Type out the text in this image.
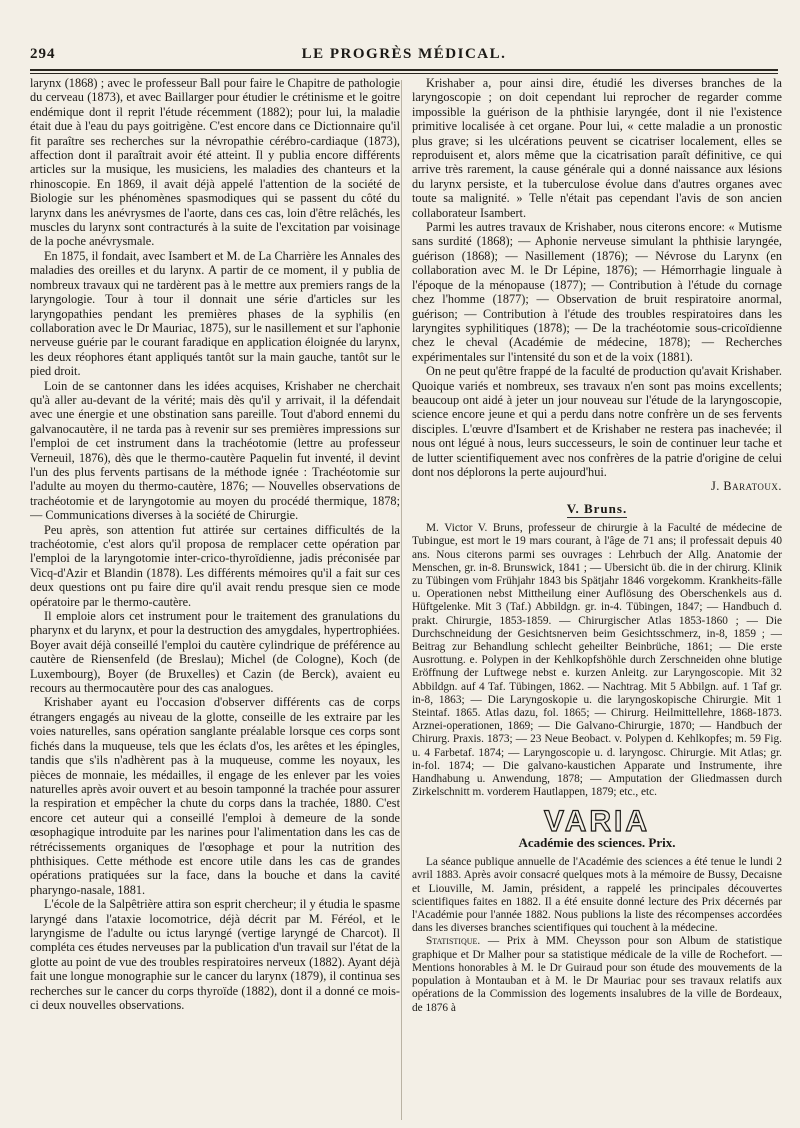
294	LE PROGRÈS MÉDICAL.

larynx (1868) ; avec le professeur Ball pour faire le Chapitre de pathologie du cerveau (1873), et avec Baillarger pour étudier le crétinisme et le goitre endémique dont il reprit l'étude récemment (1882); pour lui, la maladie était due à l'eau du pays goitrigène. C'est encore dans ce Dictionnaire qu'il fit paraître ses recherches sur la névropathie cérébro-cardiaque (1873), affection dont il paraîtrait avoir été atteint. Il y publia encore différents articles sur la musique, les musiciens, les maladies des chanteurs et la rhinoscopie. En 1869, il avait déjà appelé l'attention de la société de Biologie sur les phénomènes spasmodiques qui se passent du côté du larynx dans les anévrysmes de l'aorte, dans ces cas, loin d'être relâchés, les muscles du larynx sont contracturés à la suite de l'excitation par voisinage de la poche anévrysmale.

En 1875, il fondait, avec Isambert et M. de La Charrière les Annales des maladies des oreilles et du larynx. A partir de ce moment, il y publia de nombreux travaux qui ne tardèrent pas à le mettre aux premiers rangs de la laryngologie. Tour à tour il donnait une série d'articles sur les laryngopathies pendant les premières phases de la syphilis (en collaboration avec le Dr Mauriac, 1875), sur le nasillement et sur l'aphonie nerveuse guérie par le courant faradique en application éloignée du larynx, les deux réophores étant appliqués tantôt sur la main gauche, tantôt sur le pied droit.

Loin de se cantonner dans les idées acquises, Krishaber ne cherchait qu'à aller au-devant de la vérité; mais dès qu'il y arrivait, il la défendait avec une énergie et une obstination sans pareille. Tout d'abord ennemi du galvanocautère, il ne tarda pas à revenir sur ses premières impressions sur l'emploi de cet instrument dans la trachéotomie (lettre au professeur Verneuil, 1876), dès que le thermo-cautère Paquelin fut inventé, il devint l'un des plus fervents partisans de la méthode ignée : Trachéotomie sur l'adulte au moyen du thermo-cautère, 1876; — Nouvelles observations de trachéotomie et de laryngotomie au moyen du procédé thermique, 1878; — Communications diverses à la société de Chirurgie.

Peu après, son attention fut attirée sur certaines difficultés de la trachéotomie, c'est alors qu'il proposa de remplacer cette opération par l'emploi de la laryngotomie inter-crico-thyroïdienne, jadis préconisée par Vicq-d'Azir et Blandin (1878). Les différents mémoires qu'il a fait sur ces deux questions ont pu faire dire qu'il avait rendu presque sien ce mode opératoire par le thermo-cautère.

Il emploie alors cet instrument pour le traitement des granulations du pharynx et du larynx, et pour la destruction des amygdales, hypertrophiées. Boyer avait déjà conseillé l'emploi du cautère cylindrique de préférence au cautère de Riensenfeld (de Breslau); Michel (de Cologne), Koch (de Luxembourg), Boyer (de Bruxelles) et Cazin (de Berck), avaient eu recours au thermocautère pour des cas analogues.

Krishaber ayant eu l'occasion d'observer différents cas de corps étrangers engagés au niveau de la glotte, conseille de les extraire par les voies naturelles, sans opération sanglante préalable lorsque ces corps sont fichés dans la muqueuse, tels que les éclats d'os, les arêtes et les épingles, tandis que s'ils n'adhèrent pas à la muqueuse, comme les noyaux, les pièces de monnaie, les médailles, il engage de les enlever par les voies naturelles après avoir ouvert et au besoin tamponné la trachée pour assurer la respiration et empêcher la chute du corps dans la trachée, 1880. C'est encore cet auteur qui a conseillé l'emploi à demeure de la sonde œsophagique introduite par les narines pour l'alimentation dans les cas de rétrécissements organiques de l'œsophage et pour la nutrition des phthisiques. Cette méthode est encore utile dans les cas de grandes opérations pratiquées sur la face, dans la bouche et dans la cavité pharyngo-nasale, 1881.

L'école de la Salpêtrière attira son esprit chercheur; il y étudia le spasme laryngé dans l'ataxie locomotrice, déjà décrit par M. Féréol, et le laryngisme de l'adulte ou ictus laryngé (vertige laryngé de Charcot). Il compléta ces études nerveuses par la publication d'un travail sur l'état de la glotte au point de vue des troubles respiratoires nerveux (1882). Ayant déjà fait une longue monographie sur le cancer du larynx (1879), il continua ses recherches sur le cancer du corps thyroïde (1882), dont il a donné ce mois-ci deux nouvelles observations.

Krishaber a, pour ainsi dire, étudié les diverses branches de la laryngoscopie ; on doit cependant lui reprocher de regarder comme impossible la guérison de la phthisie laryngée, dont il nie l'existence primitive localisée à cet organe. Pour lui, « cette maladie a un pronostic plus grave; si les ulcérations peuvent se cicatriser localement, elles se reproduisent et, alors même que la cicatrisation paraît définitive, ce qui arrive très rarement, la cause générale qui a donné naissance aux lésions du larynx persiste, et la tuberculose évolue dans d'autres organes avec toute sa malignité. » Telle n'était pas cependant l'avis de son ancien collaborateur Isambert.

Parmi les autres travaux de Krishaber, nous citerons encore: « Mutisme sans surdité (1868); — Aphonie nerveuse simulant la phthisie laryngée, guérison (1868); — Nasillement (1876); — Névrose du Larynx (en collaboration avec M. le Dr Lépine, 1876); — Hémorrhagie linguale à l'époque de la ménopause (1877); — Contribution à l'étude du cornage chez l'homme (1877); — Observation de bruit respiratoire anormal, guérison; — Contribution à l'étude des troubles respiratoires dans les laryngites syphilitiques (1878); — De la trachéotomie sous-cricoïdienne chez le cheval (Académie de médecine, 1878); — Recherches expérimentales sur l'intensité du son et de la voix (1881).

On ne peut qu'être frappé de la faculté de production qu'avait Krishaber. Quoique variés et nombreux, ses travaux n'en sont pas moins excellents; beaucoup ont aidé à jeter un jour nouveau sur l'étude de la laryngoscopie, science encore jeune et qui a perdu dans notre confrère un de ses fervents disciples. L'œuvre d'Isambert et de Krishaber ne restera pas inachevée; il nous ont légué à nous, leurs successeurs, le soin de continuer leur tache et de lutter scientifiquement avec nos confrères de la patrie d'origine de celui dont nos déplorons la perte aujourd'hui.

J. Baratoux.
V. Bruns.

M. Victor V. Bruns, professeur de chirurgie à la Faculté de médecine de Tubingue, est mort le 19 mars courant, à l'âge de 71 ans; il professait depuis 40 ans. Nous citerons parmi ses ouvrages : Lehrbuch der Allg. Anatomie der Menschen, gr. in-8. Brunswick, 1841 ; — Ubersicht üb. die in der chirurg. Klinik zu Tübingen vom Frühjahr 1843 bis Spätjahr 1846 vorgekomm. Krankheits-fälle u. Operationen nebst Mittheilung einer Auflösung des Oberschenkels aus d. Hüftgelenke. Mit 3 (Taf.) Abbildgn. gr. in-4. Tübingen, 1847; — Handbuch d. prakt. Chirurgie, 1853-1859. — Chirurgischer Atlas 1853-1860 ; — Die Durchschneidung der Gesichtsnerven beim Gesichtsschmerz, in-8, 1859 ; — Beitrag zur Behandlung schlecht geheilter Beinbrüche, 1861; — Die erste Ausrottung. e. Polypen in der Kehlkopfshöhle durch Zerschneiden ohne blutige Eröffnung der Luftwege nebst e. kurzen Anleitg. zur Laryngoscopie. Mit 32 Abbildgn. auf 4 Taf. Tübingen, 1862. — Nachtrag. Mit 5 Abbilgn. auf. 1 Taf gr. in-8, 1863; — Die Laryngoskopie u. die laryngoskopische Chirurgie. Mit 1 Steintaf. 1865. Atlas dazu, fol. 1865; — Chirurg. Heilmittellehre, 1868-1873. Arznei-operationen, 1869; — Die Galvano-Chirurgie, 1870; — Handbuch der Chirurg. Praxis. 1873; — 23 Neue Beobact. v. Polypen d. Kehlkopfes; m. 59 Fig. u. 4 Farbetaf. 1874; — Laryngoscopie u. d. laryngosc. Chirurgie. Mit Atlas; gr. in-fol. 1874; — Die galvano-kaustichen Apparate und Instrumente, ihre Handhabung u. Anwendung, 1878; — Amputation der Gliedmassen durch Zirkelschnitt m. vorderem Hautlappen, 1879; etc., etc.

VARIA
Académie des sciences. Prix.

La séance publique annuelle de l'Académie des sciences a été tenue le lundi 2 avril 1883. Après avoir consacré quelques mots à la mémoire de Bussy, Decaisne et Liouville, M. Jamin, président, a rappelé les principales découvertes scientifiques faites en 1882. Il a été ensuite donné lecture des Prix décernés par l'Académie pour l'année 1882. Nous publions la liste des récompenses accordées dans les diverses branches scientifiques qui touchent à la médecine.

Statistique. — Prix à MM. Cheysson pour son Album de statistique graphique et Dr Malher pour sa statistique médicale de la ville de Rochefort. — Mentions honorables à M. le Dr Guiraud pour son étude des mouvements de la population à Montauban et à M. le Dr Mauriac pour ses travaux relatifs aux opérations de la Commission des logements insalubres de la ville de Bordeaux, de 1876 à
